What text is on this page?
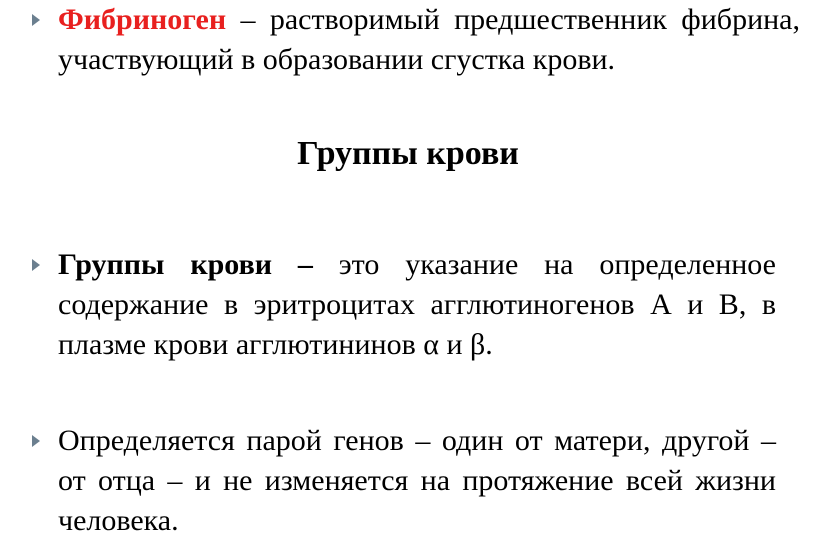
Фибриноген – растворимый предшественник фибрина, участвующий в образовании сгустка крови.

Группы крови

Группы крови – это указание на определенное содержание в эритроцитах агглютиногенов А и В, в плазме крови агглютининов α и β.

Определяется парой генов – один от матери, другой – от отца – и не изменяется на протяжение всей жизни человека.
